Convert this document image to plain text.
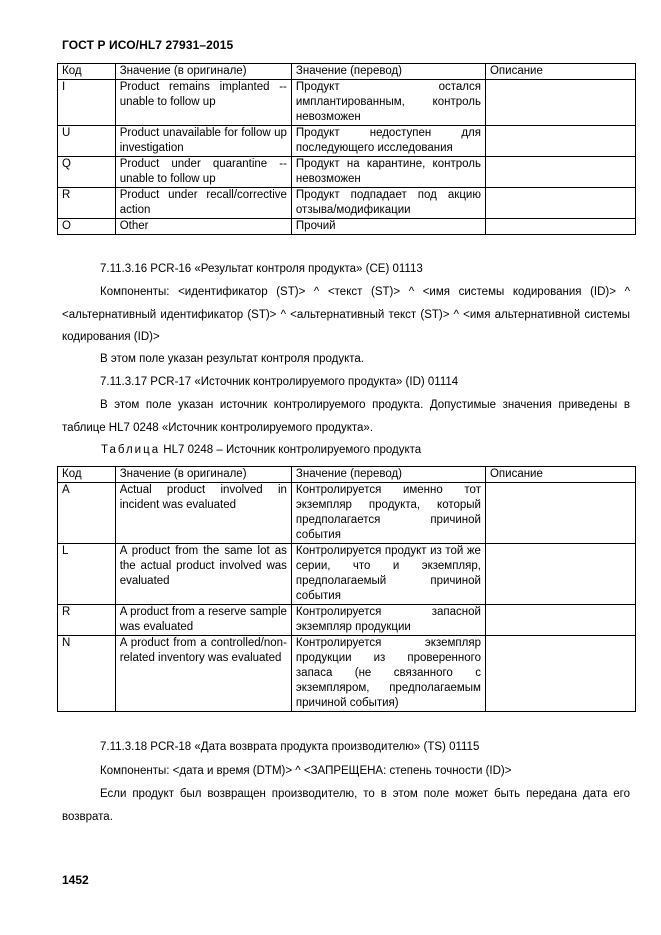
ГОСТ Р ИСО/HL7 27931–2015
Код	Значение (в оригинале)	Значение (перевод)	Описание
I	Product remains implanted -- unable to follow up	Продукт остался имплантированным, контроль невозможен	
U	Product unavailable for follow up investigation	Продукт недоступен для последующего исследования	
Q	Product under quarantine -- unable to follow up	Продукт на карантине, контроль невозможен	
R	Product under recall/corrective action	Продукт подпадает под акцию отзыва/модификации	
O	Other	Прочий	
7.11.3.16 PCR-16 «Результат контроля продукта» (CE) 01113
Компоненты: <идентификатор (ST)> ^ <текст (ST)> ^ <имя системы кодирования (ID)> ^ <альтернативный идентификатор (ST)> ^ <альтернативный текст (ST)> ^ <имя альтернативной системы кодирования (ID)>
В этом поле указан результат контроля продукта.
7.11.3.17 PCR-17 «Источник контролируемого продукта» (ID) 01114
В этом поле указан источник контролируемого продукта. Допустимые значения приведены в таблице HL7 0248 «Источник контролируемого продукта».
Таблица HL7 0248 – Источник контролируемого продукта
Код	Значение (в оригинале)	Значение (перевод)	Описание
A	Actual product involved in incident was evaluated	Контролируется именно тот экземпляр продукта, который предполагается причиной события	
L	A product from the same lot as the actual product involved was evaluated	Контролируется продукт из той же серии, что и экземпляр, предполагаемый причиной события	
R	A product from a reserve sample was evaluated	Контролируется запасной экземпляр продукции	
N	A product from a controlled/non-related inventory was evaluated	Контролируется экземпляр продукции из проверенного запаса (не связанного с экземпляром, предполагаемым причиной события)	
7.11.3.18 PCR-18 «Дата возврата продукта производителю» (TS) 01115
Компоненты: <дата и время (DTM)> ^ <ЗАПРЕЩЕНА: степень точности (ID)>
Если продукт был возвращен производителю, то в этом поле может быть передана дата его возврата.
1452
